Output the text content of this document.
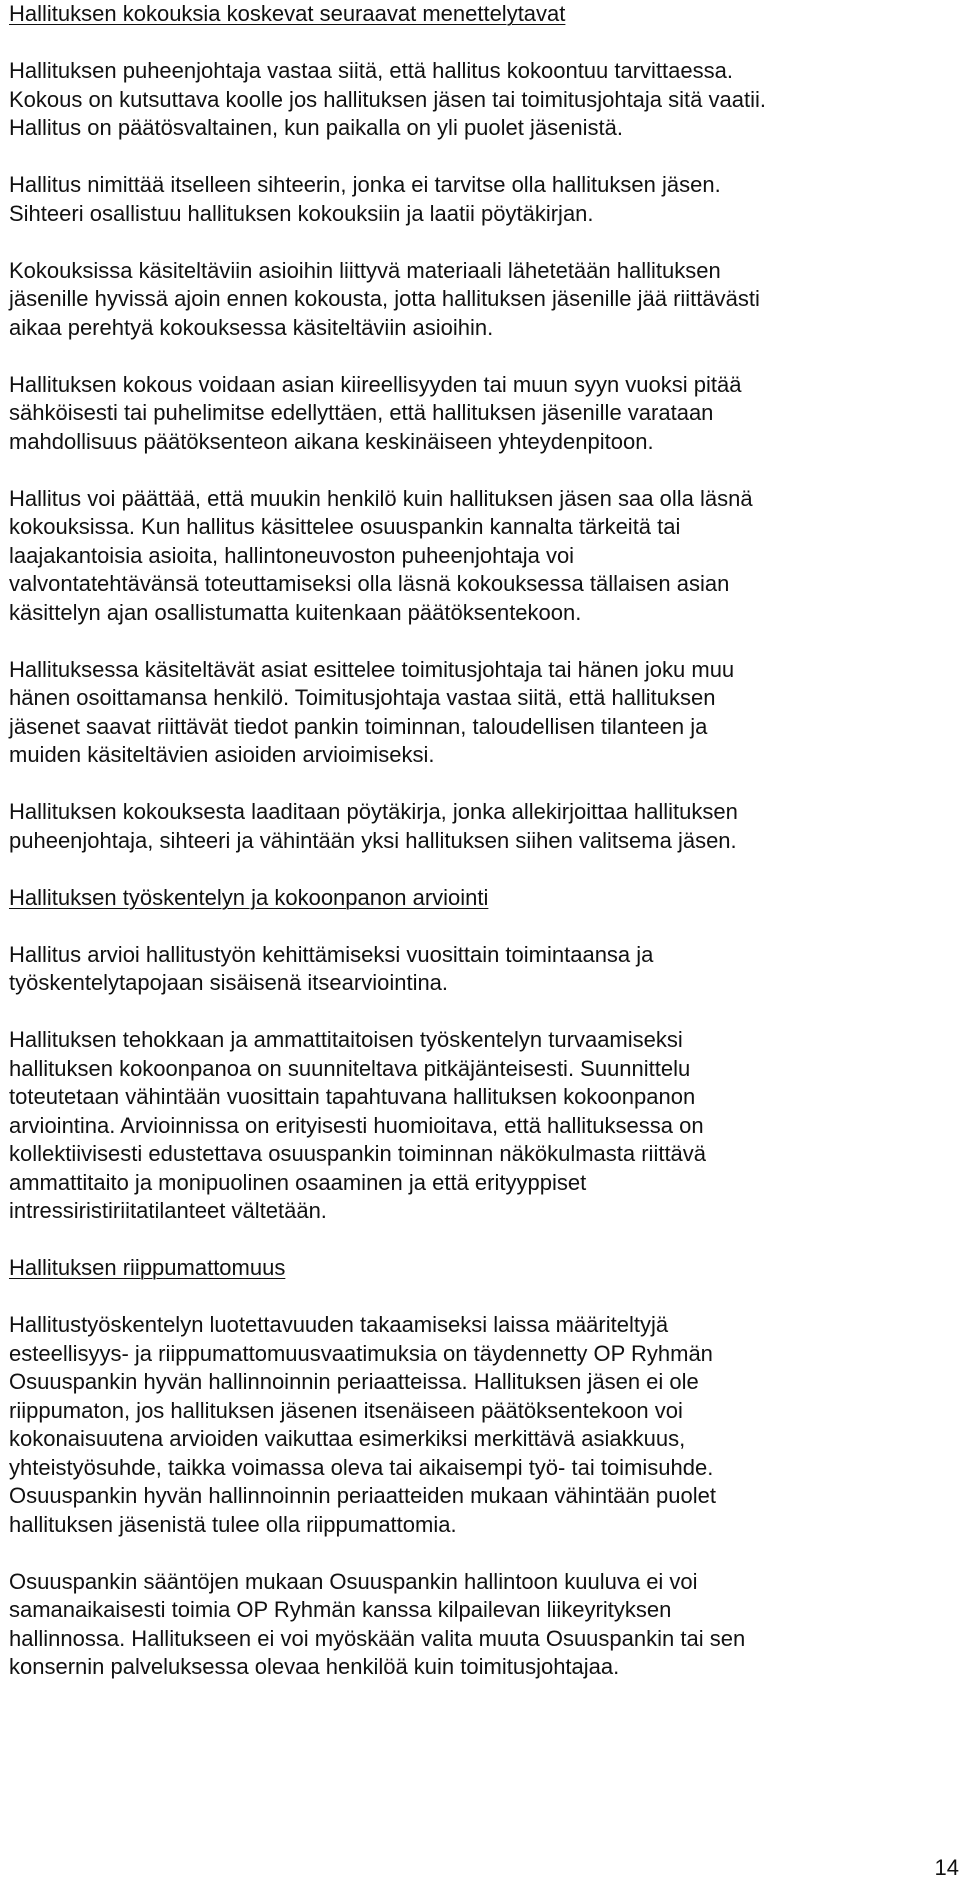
Hallituksen kokouksia koskevat seuraavat menettelytavat

Hallituksen puheenjohtaja vastaa siitä, että hallitus kokoontuu tarvittaessa.
Kokous on kutsuttava koolle jos hallituksen jäsen tai toimitusjohtaja sitä vaatii.
Hallitus on päätösvaltainen, kun paikalla on yli puolet jäsenistä.

Hallitus nimittää itselleen sihteerin, jonka ei tarvitse olla hallituksen jäsen.
Sihteeri osallistuu hallituksen kokouksiin ja laatii pöytäkirjan.

Kokouksissa käsiteltäviin asioihin liittyvä materiaali lähetetään hallituksen
jäsenille hyvissä ajoin ennen kokousta, jotta hallituksen jäsenille jää riittävästi
aikaa perehtyä kokouksessa käsiteltäviin asioihin.

Hallituksen kokous voidaan asian kiireellisyyden tai muun syyn vuoksi pitää
sähköisesti tai puhelimitse edellyttäen, että hallituksen jäsenille varataan
mahdollisuus päätöksenteon aikana keskinäiseen yhteydenpitoon.

Hallitus voi päättää, että muukin henkilö kuin hallituksen jäsen saa olla läsnä
kokouksissa. Kun hallitus käsittelee osuuspankin kannalta tärkeitä tai
laajakantoisia asioita, hallintoneuvoston puheenjohtaja voi
valvontatehtävänsä toteuttamiseksi olla läsnä kokouksessa tällaisen asian
käsittelyn ajan osallistumatta kuitenkaan päätöksentekoon.

Hallituksessa käsiteltävät asiat esittelee toimitusjohtaja tai hänen joku muu
hänen osoittamansa henkilö. Toimitusjohtaja vastaa siitä, että hallituksen
jäsenet saavat riittävät tiedot pankin toiminnan, taloudellisen tilanteen ja
muiden käsiteltävien asioiden arvioimiseksi.

Hallituksen kokouksesta laaditaan pöytäkirja, jonka allekirjoittaa hallituksen
puheenjohtaja, sihteeri ja vähintään yksi hallituksen siihen valitsema jäsen.

Hallituksen työskentelyn ja kokoonpanon arviointi

Hallitus arvioi hallitustyön kehittämiseksi vuosittain toimintaansa ja
työskentelytapojaan sisäisenä itsearviointina.

Hallituksen tehokkaan ja ammattitaitoisen työskentelyn turvaamiseksi
hallituksen kokoonpanoa on suunniteltava pitkäjänteisesti. Suunnittelu
toteutetaan vähintään vuosittain tapahtuvana hallituksen kokoonpanon
arviointina. Arvioinnissa on erityisesti huomioitava, että hallituksessa on
kollektiivisesti edustettava osuuspankin toiminnan näkökulmasta riittävä
ammattitaito ja monipuolinen osaaminen ja että erityyppiset
intressiristiriitatilanteet vältetään.

Hallituksen riippumattomuus

Hallitustyöskentelyn luotettavuuden takaamiseksi laissa määriteltyjä
esteellisyys- ja riippumattomuusvaatimuksia on täydennetty OP Ryhmän
Osuuspankin hyvän hallinnoinnin periaatteissa. Hallituksen jäsen ei ole
riippumaton, jos hallituksen jäsenen itsenäiseen päätöksentekoon voi
kokonaisuutena arvioiden vaikuttaa esimerkiksi merkittävä asiakkuus,
yhteistyösuhde, taikka voimassa oleva tai aikaisempi työ- tai toimisuhde.
Osuuspankin hyvän hallinnoinnin periaatteiden mukaan vähintään puolet
hallituksen jäsenistä tulee olla riippumattomia.

Osuuspankin sääntöjen mukaan Osuuspankin hallintoon kuuluva ei voi
samanaikaisesti toimia OP Ryhmän kanssa kilpailevan liikeyrityksen
hallinnossa. Hallitukseen ei voi myöskään valita muuta Osuuspankin tai sen
konsernin palveluksessa olevaa henkilöä kuin toimitusjohtajaa.

14
